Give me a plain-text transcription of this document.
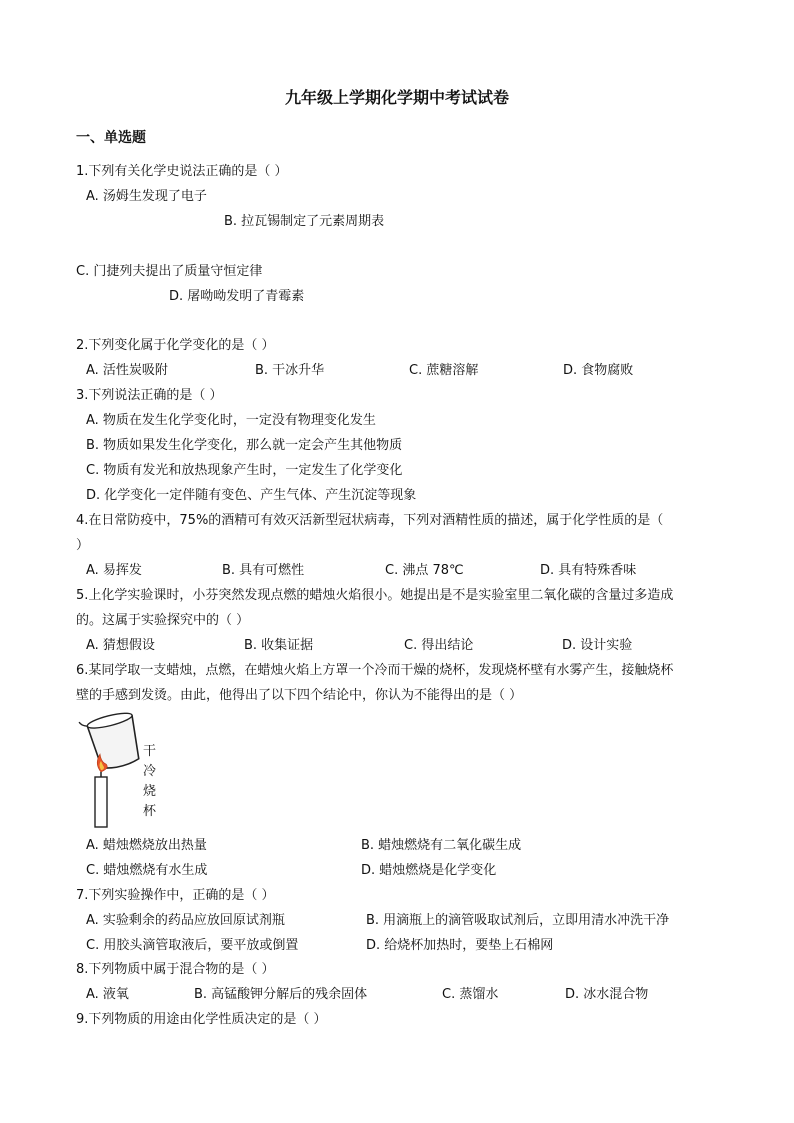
九年级上学期化学期中考试试卷
一、单选题
1.下列有关化学史说法正确的是（ ）
A. 汤姆生发现了电子
B. 拉瓦锡制定了元素周期表
C. 门捷列夫提出了质量守恒定律
D. 屠呦呦发明了青霉素
2.下列变化属于化学变化的是（ ）
A. 活性炭吸附	B. 干冰升华	C. 蔗糖溶解	D. 食物腐败
3.下列说法正确的是（ ）
A. 物质在发生化学变化时，一定没有物理变化发生
B. 物质如果发生化学变化，那么就一定会产生其他物质
C. 物质有发光和放热现象产生时，一定发生了化学变化
D. 化学变化一定伴随有变色、产生气体、产生沉淀等现象
4.在日常防疫中，75%的酒精可有效灭活新型冠状病毒，下列对酒精性质的描述，属于化学性质的是（
）
A. 易挥发	B. 具有可燃性	C. 沸点 78℃	D. 具有特殊香味
5.上化学实验课时，小芬突然发现点燃的蜡烛火焰很小。她提出是不是实验室里二氧化碳的含量过多造成
的。这属于实验探究中的（ ）
A. 猜想假设	B. 收集证据	C. 得出结论	D. 设计实验
6.某同学取一支蜡烛，点燃，在蜡烛火焰上方罩一个冷而干燥的烧杯，发现烧杯壁有水雾产生，接触烧杯
壁的手感到发烫。由此，他得出了以下四个结论中，你认为不能得出的是（ ）
干
冷
烧
杯
A. 蜡烛燃烧放出热量	B. 蜡烛燃烧有二氧化碳生成
C. 蜡烛燃烧有水生成	D. 蜡烛燃烧是化学变化
7.下列实验操作中，正确的是（ ）
A. 实验剩余的药品应放回原试剂瓶	B. 用滴瓶上的滴管吸取试剂后，立即用清水冲洗干净
C. 用胶头滴管取液后，要平放或倒置	D. 给烧杯加热时，要垫上石棉网
8.下列物质中属于混合物的是（ ）
A. 液氧	B. 高锰酸钾分解后的残余固体	C. 蒸馏水	D. 冰水混合物
9.下列物质的用途由化学性质决定的是（ ）
